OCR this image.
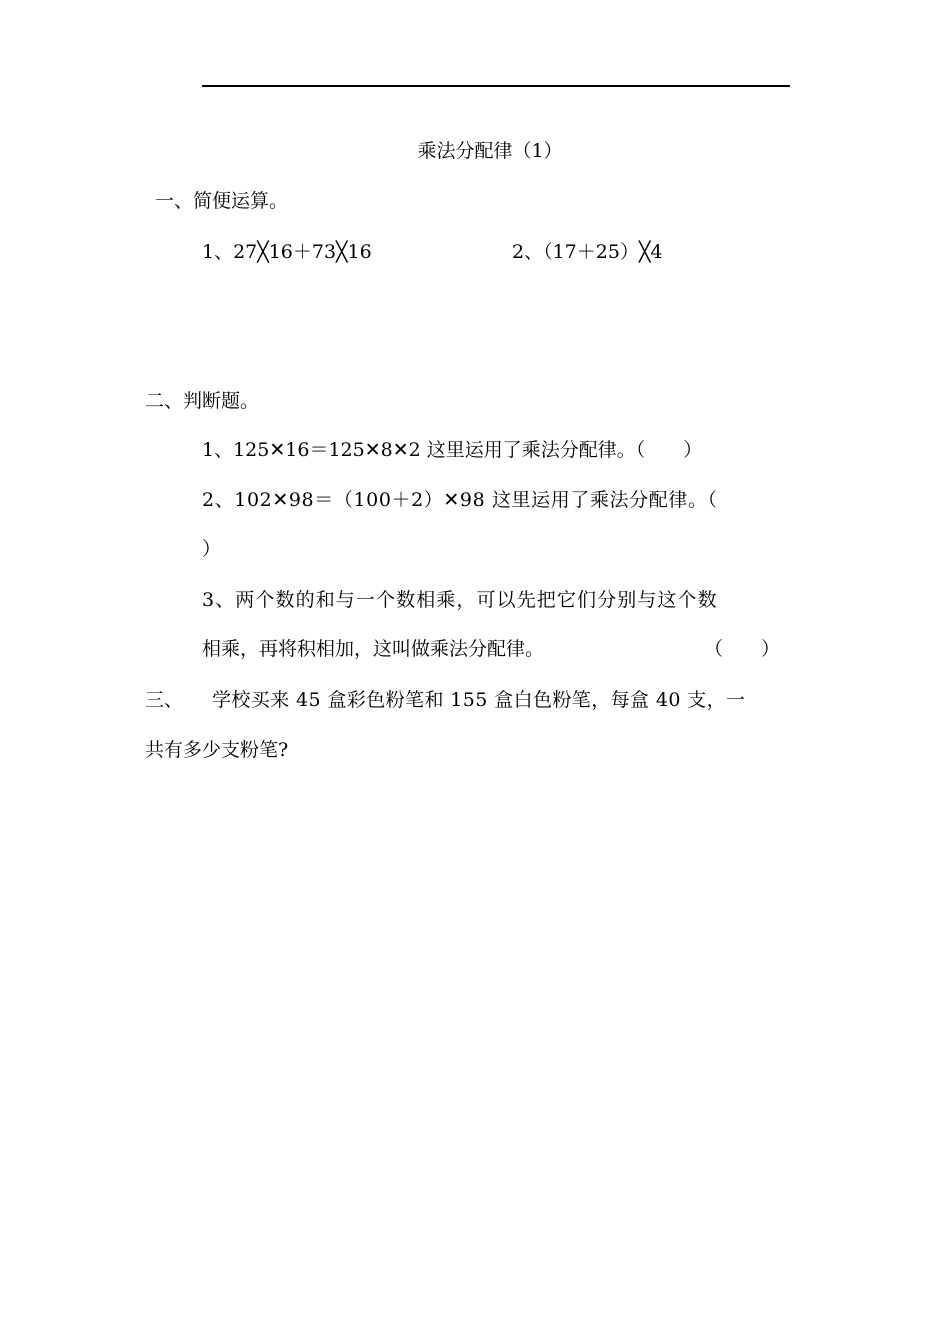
乘法分配律（1）
一、简便运算。
1、27╳16＋73╳16	2、（17＋25）╳4
二、判断题。
1、125✕16＝125✕8✕2 这里运用了乘法分配律。（　　）
2、102✕98＝（100＋2）✕98 这里运用了乘法分配律。（
）
3、两个数的和与一个数相乘，可以先把它们分别与这个数
相乘，再将积相加，这叫做乘法分配律。	（　　）
三、 学校买来 45 盒彩色粉笔和 155 盒白色粉笔，每盒 40 支，一
共有多少支粉笔?
